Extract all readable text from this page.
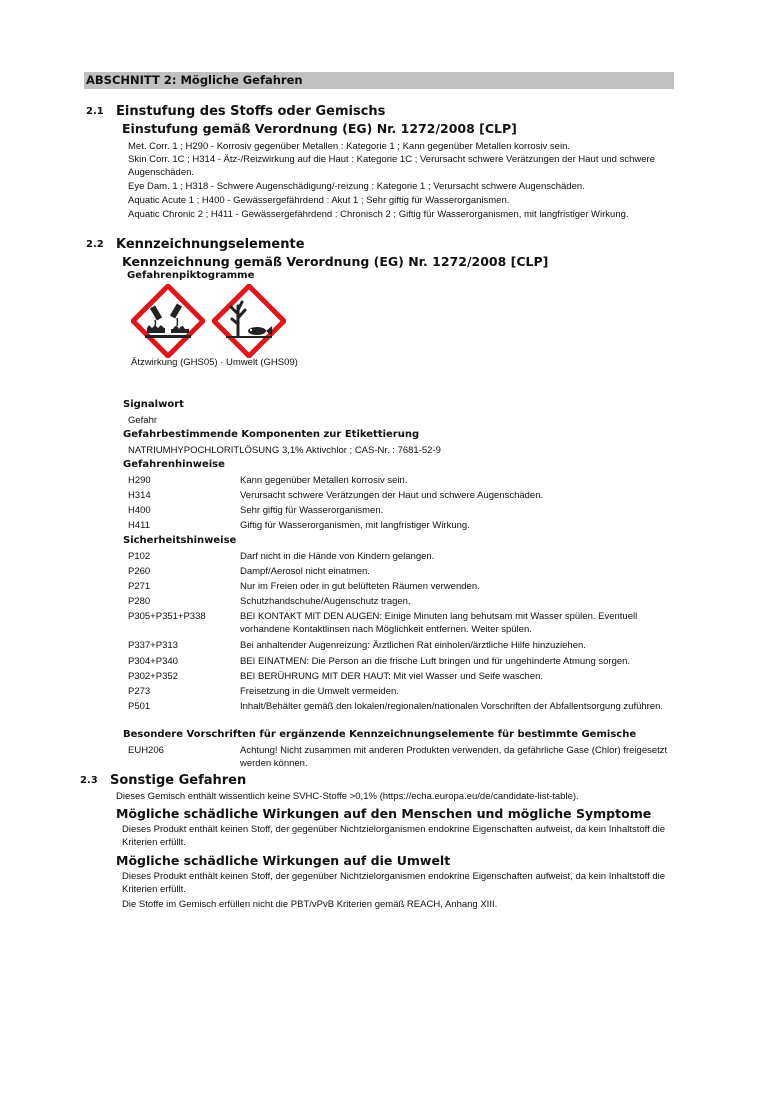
ABSCHNITT 2: Mögliche Gefahren
2.1 Einstufung des Stoffs oder Gemischs
Einstufung gemäß Verordnung (EG) Nr. 1272/2008 [CLP]
Met. Corr. 1 ; H290 - Korrosiv gegenüber Metallen : Kategorie 1 ; Kann gegenüber Metallen korrosiv sein.
Skin Corr. 1C ; H314 - Ätz-/Reizwirkung auf die Haut : Kategorie 1C ; Verursacht schwere Verätzungen der Haut und schwere Augenschäden.
Eye Dam. 1 ; H318 - Schwere Augenschädigung/-reizung : Kategorie 1 ; Verursacht schwere Augenschäden.
Aquatic Acute 1 ; H400 - Gewässergefährdend : Akut 1 ; Sehr giftig für Wasserorganismen.
Aquatic Chronic 2 ; H411 - Gewässergefährdend : Chronisch 2 ; Giftig für Wasserorganismen, mit langfristiger Wirkung.
2.2 Kennzeichnungselemente
Kennzeichnung gemäß Verordnung (EG) Nr. 1272/2008 [CLP]
Gefahrenpiktogramme
Ätzwirkung (GHS05) · Umwelt (GHS09)
Signalwort
Gefahr
Gefahrbestimmende Komponenten zur Etikettierung
NATRIUMHYPOCHLORITLÖSUNG 3,1% Aktivchlor ; CAS-Nr. : 7681-52-9
Gefahrenhinweise
H290	Kann gegenüber Metallen korrosiv sein.
H314	Verursacht schwere Verätzungen der Haut und schwere Augenschäden.
H400	Sehr giftig für Wasserorganismen.
H411	Giftig für Wasserorganismen, mit langfristiger Wirkung.
Sicherheitshinweise
P102	Darf nicht in die Hände von Kindern gelangen.
P260	Dampf/Aerosol nicht einatmen.
P271	Nur im Freien oder in gut belüfteten Räumen verwenden.
P280	Schutzhandschuhe/Augenschutz tragen.
P305+P351+P338	BEI KONTAKT MIT DEN AUGEN: Einige Minuten lang behutsam mit Wasser spülen. Eventuell vorhandene Kontaktlinsen nach Möglichkeit entfernen. Weiter spülen.
P337+P313	Bei anhaltender Augenreizung: Ärztlichen Rat einholen/ärztliche Hilfe hinzuziehen.
P304+P340	BEI EINATMEN: Die Person an die frische Luft bringen und für ungehinderte Atmung sorgen.
P302+P352	BEI BERÜHRUNG MIT DER HAUT: Mit viel Wasser und Seife waschen.
P273	Freisetzung in die Umwelt vermeiden.
P501	Inhalt/Behälter gemäß den lokalen/regionalen/nationalen Vorschriften der Abfallentsorgung zuführen.
Besondere Vorschriften für ergänzende Kennzeichnungselemente für bestimmte Gemische
EUH206	Achtung! Nicht zusammen mit anderen Produkten verwenden, da gefährliche Gase (Chlor) freigesetzt werden können.
2.3 Sonstige Gefahren
Dieses Gemisch enthält wissentlich keine SVHC-Stoffe >0,1% (https://echa.europa.eu/de/candidate-list-table).
Mögliche schädliche Wirkungen auf den Menschen und mögliche Symptome
Dieses Produkt enthält keinen Stoff, der gegenüber Nichtzielorganismen endokrine Eigenschaften aufweist, da kein Inhaltstoff die Kriterien erfüllt.
Mögliche schädliche Wirkungen auf die Umwelt
Dieses Produkt enthält keinen Stoff, der gegenüber Nichtzielorganismen endokrine Eigenschaften aufweist, da kein Inhaltstoff die Kriterien erfüllt.
Die Stoffe im Gemisch erfüllen nicht die PBT/vPvB Kriterien gemäß REACH, Anhang XIII.
